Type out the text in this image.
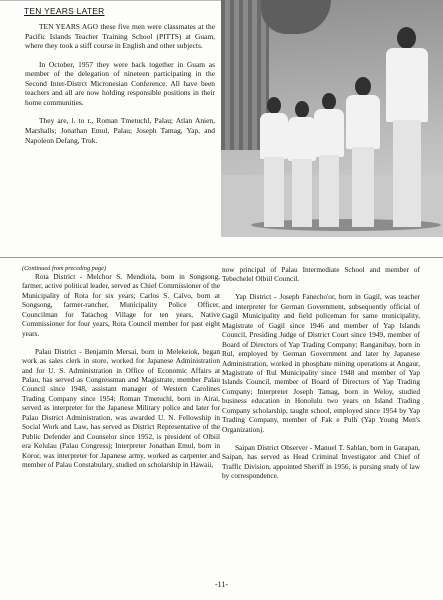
TEN YEARS LATER

TEN YEARS AGO these five men were classmates at the Pacific Islands Teacher Training School (PITTS) at Guam, where they took a stiff course in English and other subjects.

In October, 1957 they were back together in Guam as member of the delegation of nineteen participating in the Second Inter-Distrct Micronesian Conference. All have been teachers and all are now holding responsible positions in their home communities.

They are, l. to r., Roman Tmetuchl, Palau; Atlan Anien, Marshalls; Jonathan Emul, Palau; Joseph Tamag, Yap, and Napoleon Defang, Truk.

(Continued from preceding page)

Rota District - Melchor S. Mendiola, born in Songsong, farmer, active political leader, served as Chief Commissioner of the Municipality of Rota for six years; Carlos S. Calvo, born at Songsong, farmer-rancher, Municipality Police Officer, Councilman for Tatachog Village for ten years, Native Commissioner for four years, Rota Council member for past eight years.

Palau District - Benjamin Mersai, born in Melekeiok, began work as sales clerk in store, worked for Japanese Administration and for U. S. Administration in Office of Economic Affairs at Palau, has served as Congressman and Magistrate, member Palau Council since 1948, assistant manager of Western Carolines Trading Company since 1954; Roman Tmetuchl, born in Airai, served as interpreter for the Japanese Military police and later for Palau District Administration, was awarded U. N. Fellowship in Social Work and Law, has served as District Representative of the Public Defender and Counselor since 1952, is president of Olbiil era Kelulau (Palau Congress); Interpreter Jonathan Emul, born in Koror, was interpreter for Japanese army, worked as carpenter and member of Palau Constabulary, studied on scholarship in Hawaii,

now principal of Palau Intermediate School and member of Tebechelel Olbiil Council.

Yap District - Joseph Fanecho'or, born in Gagil, was teacher and interpreter for German Government, subsequently official of Gagil Municipality and field policeman for same municipality, Magistrate of Gagil since 1946 and member of Yap Islands Council, Presiding Judge of District Court since 1949, member of Board of Directors of Yap Trading Company; Ranganibay, born in Rul, employed by German Government and later by Japanese Administration, worked in phosphate mining operations at Angaur, Magistrate of Rul Municipality since 1948 and member of Yap Islands Council, member of Board of Directors of Yap Trading Company; Interpreter Joseph Tamag, born in Weloy, studied business education in Honolulu two years on Island Trading Company scholarship, taught school, employed since 1954 by Yap Trading Company, member of Fak e Pulh (Yap Young Men's Organization).

Saipan District Observer - Manuel T. Sablan, born in Garapan, Saipan, has served as Head Criminal Investigator and Chief of Traffic Division, appointed Sheriff in 1956, is pursing study of law by correspondence.

-11-
